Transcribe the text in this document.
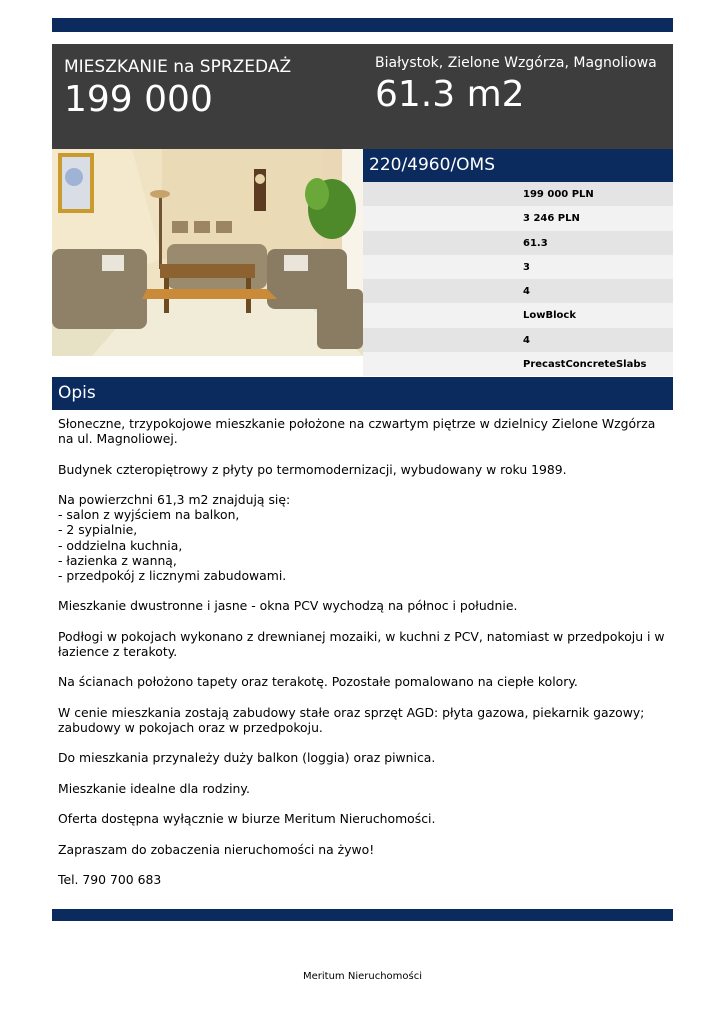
MIESZKANIE na SPRZEDAŻ
199 000
Białystok, Zielone Wzgórza, Magnoliowa
61.3 m2
220/4960/OMS
199 000 PLN
3 246 PLN
61.3
3
4
LowBlock
4
PrecastConcreteSlabs
Opis

Słoneczne, trzypokojowe mieszkanie położone na czwartym piętrze w dzielnicy Zielone Wzgórza na ul. Magnoliowej.

Budynek czteropiętrowy z płyty po termomodernizacji, wybudowany w roku 1989.

Na powierzchni 61,3 m2 znajdują się:
- salon z wyjściem na balkon,
- 2 sypialnie,
- oddzielna kuchnia,
- łazienka z wanną,
- przedpokój z licznymi zabudowami.

Mieszkanie dwustronne i jasne - okna PCV wychodzą na północ i południe.

Podłogi w pokojach wykonano z drewnianej mozaiki, w kuchni z PCV, natomiast w przedpokoju i w łazience z terakoty.

Na ścianach położono tapety oraz terakotę. Pozostałe pomalowano na ciepłe kolory.

W cenie mieszkania zostają zabudowy stałe oraz sprzęt AGD: płyta gazowa, piekarnik gazowy; zabudowy w pokojach oraz w przedpokoju.

Do mieszkania przynależy duży balkon (loggia) oraz piwnica.

Mieszkanie idealne dla rodziny.

Oferta dostępna wyłącznie w biurze Meritum Nieruchomości.

Zapraszam do zobaczenia nieruchomości na żywo!

Tel. 790 700 683

Meritum Nieruchomości
